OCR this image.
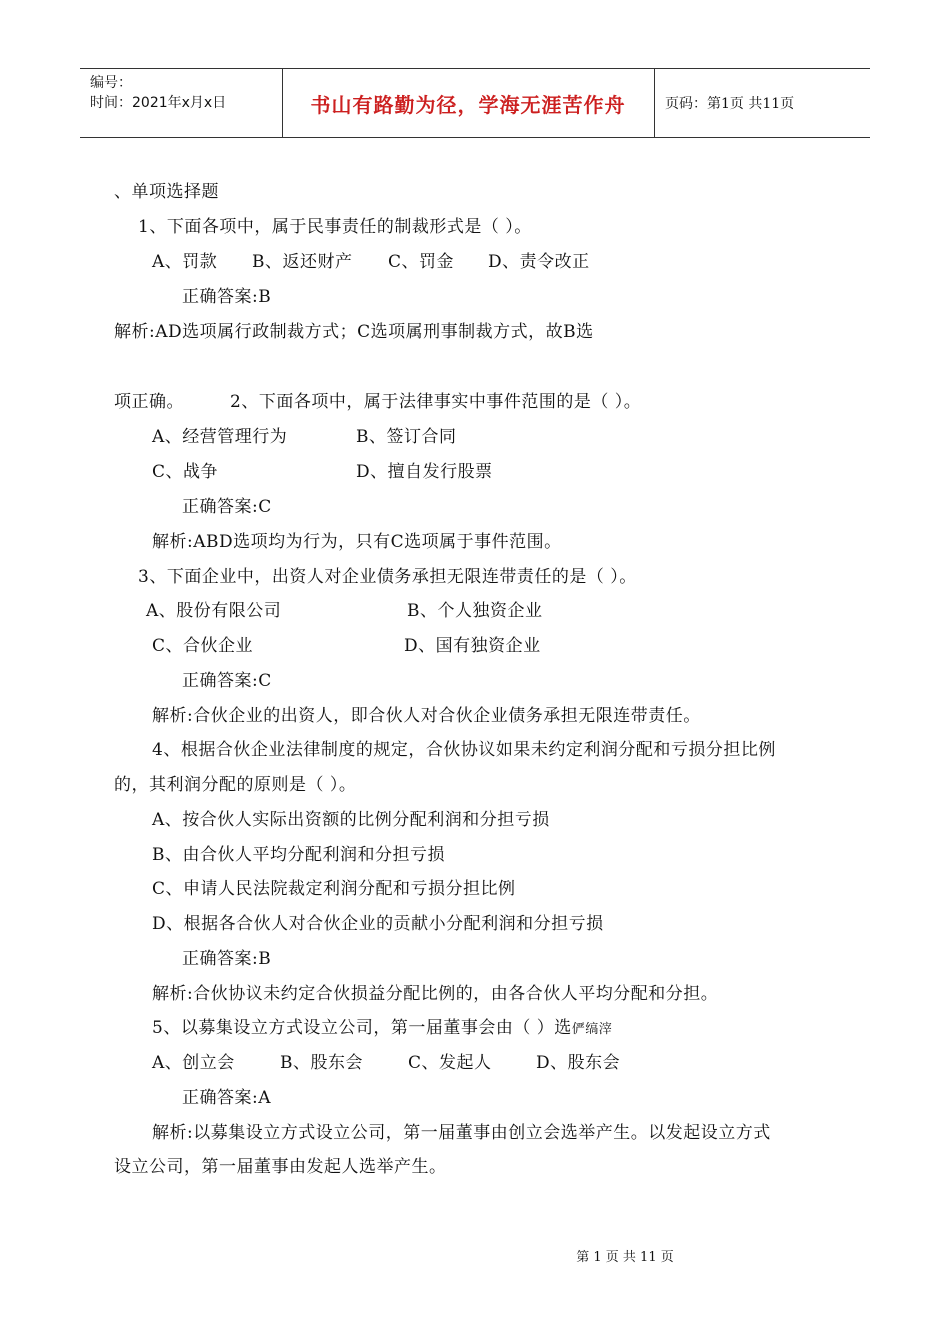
编号：
时间：2021年x月x日	书山有路勤为径，学海无涯苦作舟	页码：第1页 共11页
、单项选择题
1、下面各项中，属于民事责任的制裁形式是（ ）。
A、罚款 B、返还财产 C、罚金 D、责令改正
正确答案:B
解析:AD选项属行政制裁方式；C选项属刑事制裁方式，故B选
项正确。	2、下面各项中，属于法律事实中事件范围的是（ ）。
A、经营管理行为	B、签订合同
C、战争	D、擅自发行股票
正确答案:C
解析:ABD选项均为行为，只有C选项属于事件范围。
3、下面企业中，出资人对企业债务承担无限连带责任的是（ ）。
A、股份有限公司	B、个人独资企业
C、合伙企业	D、国有独资企业
正确答案:C
解析:合伙企业的出资人，即合伙人对合伙企业债务承担无限连带责任。
4、根据合伙企业法律制度的规定，合伙协议如果未约定利润分配和亏损分担比例
的，其利润分配的原则是（ ）。
A、按合伙人实际出资额的比例分配利润和分担亏损
B、由合伙人平均分配利润和分担亏损
C、申请人民法院裁定利润分配和亏损分担比例
D、根据各合伙人对合伙企业的贡献小分配利润和分担亏损
正确答案:B
解析:合伙协议未约定合伙损益分配比例的，由各合伙人平均分配和分担。
5、以募集设立方式设立公司，第一届董事会由（ ）选俨缟滓
A、创立会	B、股东会	C、发起人	D、股东会
正确答案:A
解析:以募集设立方式设立公司，第一届董事由创立会选举产生。以发起设立方式
设立公司，第一届董事由发起人选举产生。
第 1 页 共 11 页
